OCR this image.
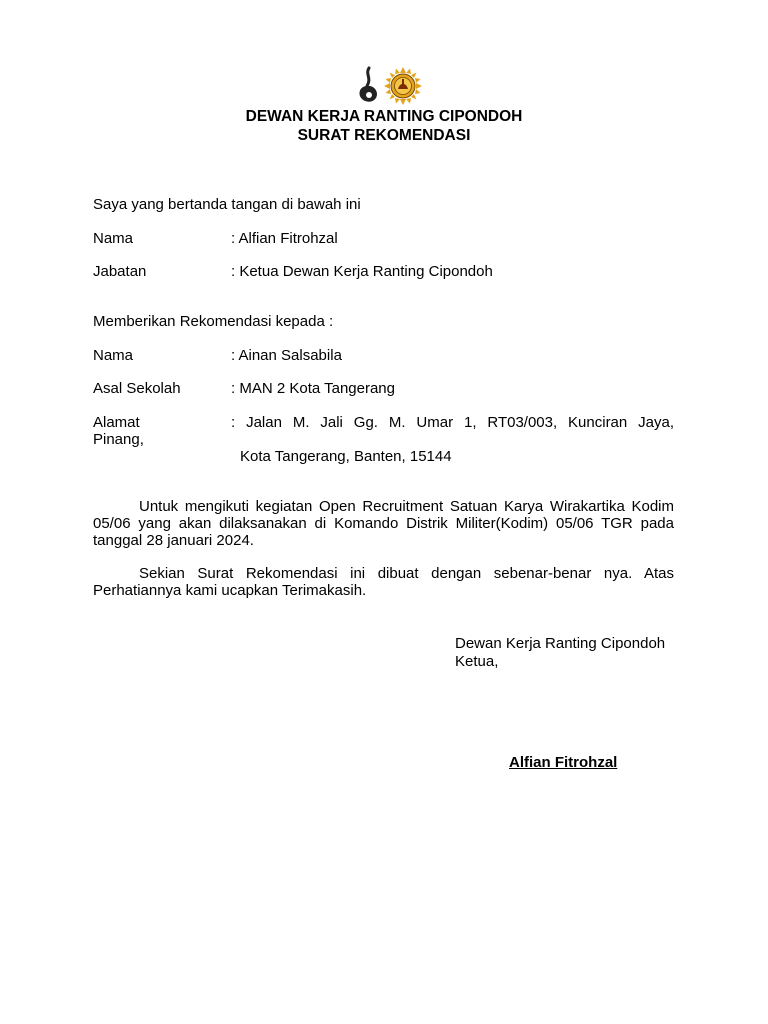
DEWAN KERJA RANTING CIPONDOH
SURAT REKOMENDASI
Saya yang bertanda tangan di bawah ini
Nama	: Alfian Fitrohzal
Jabatan	: Ketua Dewan Kerja Ranting Cipondoh
Memberikan Rekomendasi kepada :
Nama	: Ainan Salsabila
Asal Sekolah	: MAN 2 Kota Tangerang
Alamat	: Jalan M. Jali Gg. M. Umar 1, RT03/003, Kunciran Jaya,
Pinang,
Kota Tangerang, Banten, 15144
Untuk mengikuti kegiatan Open Recruitment Satuan Karya Wirakartika Kodim 05/06 yang akan dilaksanakan di Komando Distrik Militer(Kodim) 05/06 TGR pada tanggal 28 januari 2024.
Sekian Surat Rekomendasi ini dibuat dengan sebenar-benar nya. Atas Perhatiannya kami ucapkan Terimakasih.
Dewan Kerja Ranting Cipondoh
Ketua,
Alfian Fitrohzal
